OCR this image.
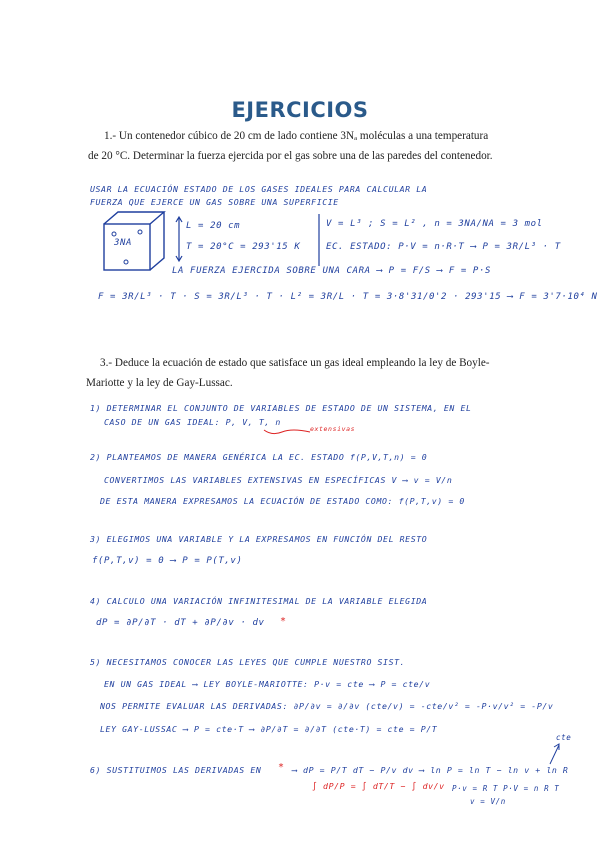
EJERCICIOS
1.- Un contenedor cúbico de 20 cm de lado contiene 3Nₐ moléculas a una temperatura
de 20 °C. Determinar la fuerza ejercida por el gas sobre una de las paredes del contenedor.
USAR LA ECUACIÓN ESTADO DE LOS GASES IDEALES PARA CALCULAR LA
FUERZA QUE EJERCE UN GAS SOBRE UNA SUPERFICIE
3NA
L = 20 cm
T = 20°C = 293'15 K
V = L³ ; S = L² , n = 3NA/NA = 3 mol
EC. ESTADO: P·V = n·R·T ⟶ P = 3R/L³ · T
LA FUERZA EJERCIDA SOBRE UNA CARA ⟶ P = F/S ⟶ F = P·S
F = 3R/L³ · T · S = 3R/L³ · T · L² = 3R/L · T = 3·8'31/0'2 · 293'15 ⟶ F = 3'7·10⁴ N
3.- Deduce la ecuación de estado que satisface un gas ideal empleando la ley de Boyle-
Mariotte y la ley de Gay-Lussac.
1) DETERMINAR EL CONJUNTO DE VARIABLES DE ESTADO DE UN SISTEMA, EN EL
CASO DE UN GAS IDEAL: P, V, T, n
extensivas
2) PLANTEAMOS DE MANERA GENÉRICA LA EC. ESTADO f(P,V,T,n) = 0
CONVERTIMOS LAS VARIABLES EXTENSIVAS EN ESPECÍFICAS V ⟶ v = V/n
DE ESTA MANERA EXPRESAMOS LA ECUACIÓN DE ESTADO COMO: f(P,T,v) = 0
3) ELEGIMOS UNA VARIABLE Y LA EXPRESAMOS EN FUNCIÓN DEL RESTO
f(P,T,v) = 0 ⟶ P = P(T,v)
4) CALCULO UNA VARIACIÓN INFINITESIMAL DE LA VARIABLE ELEGIDA
dP = ∂P/∂T · dT + ∂P/∂v · dv *
5) NECESITAMOS CONOCER LAS LEYES QUE CUMPLE NUESTRO SIST.
EN UN GAS IDEAL ⟶ LEY BOYLE-MARIOTTE: P·v = cte ⟶ P = cte/v
NOS PERMITE EVALUAR LAS DERIVADAS: ∂P/∂v = ∂/∂v (cte/v) = -cte/v² = -P·v/v² = -P/v
LEY GAY-LUSSAC ⟶ P = cte·T ⟶ ∂P/∂T = ∂/∂T (cte·T) = cte = P/T
6) SUSTITUIMOS LAS DERIVADAS EN * ⟶ dP = P/T dT − P/v dv ⟶ ln P = ln T − ln v + ln R
∫ dP/P = ∫ dT/T − ∫ dv/v P·v = R T P·V = n R T
v = V/n
cte
